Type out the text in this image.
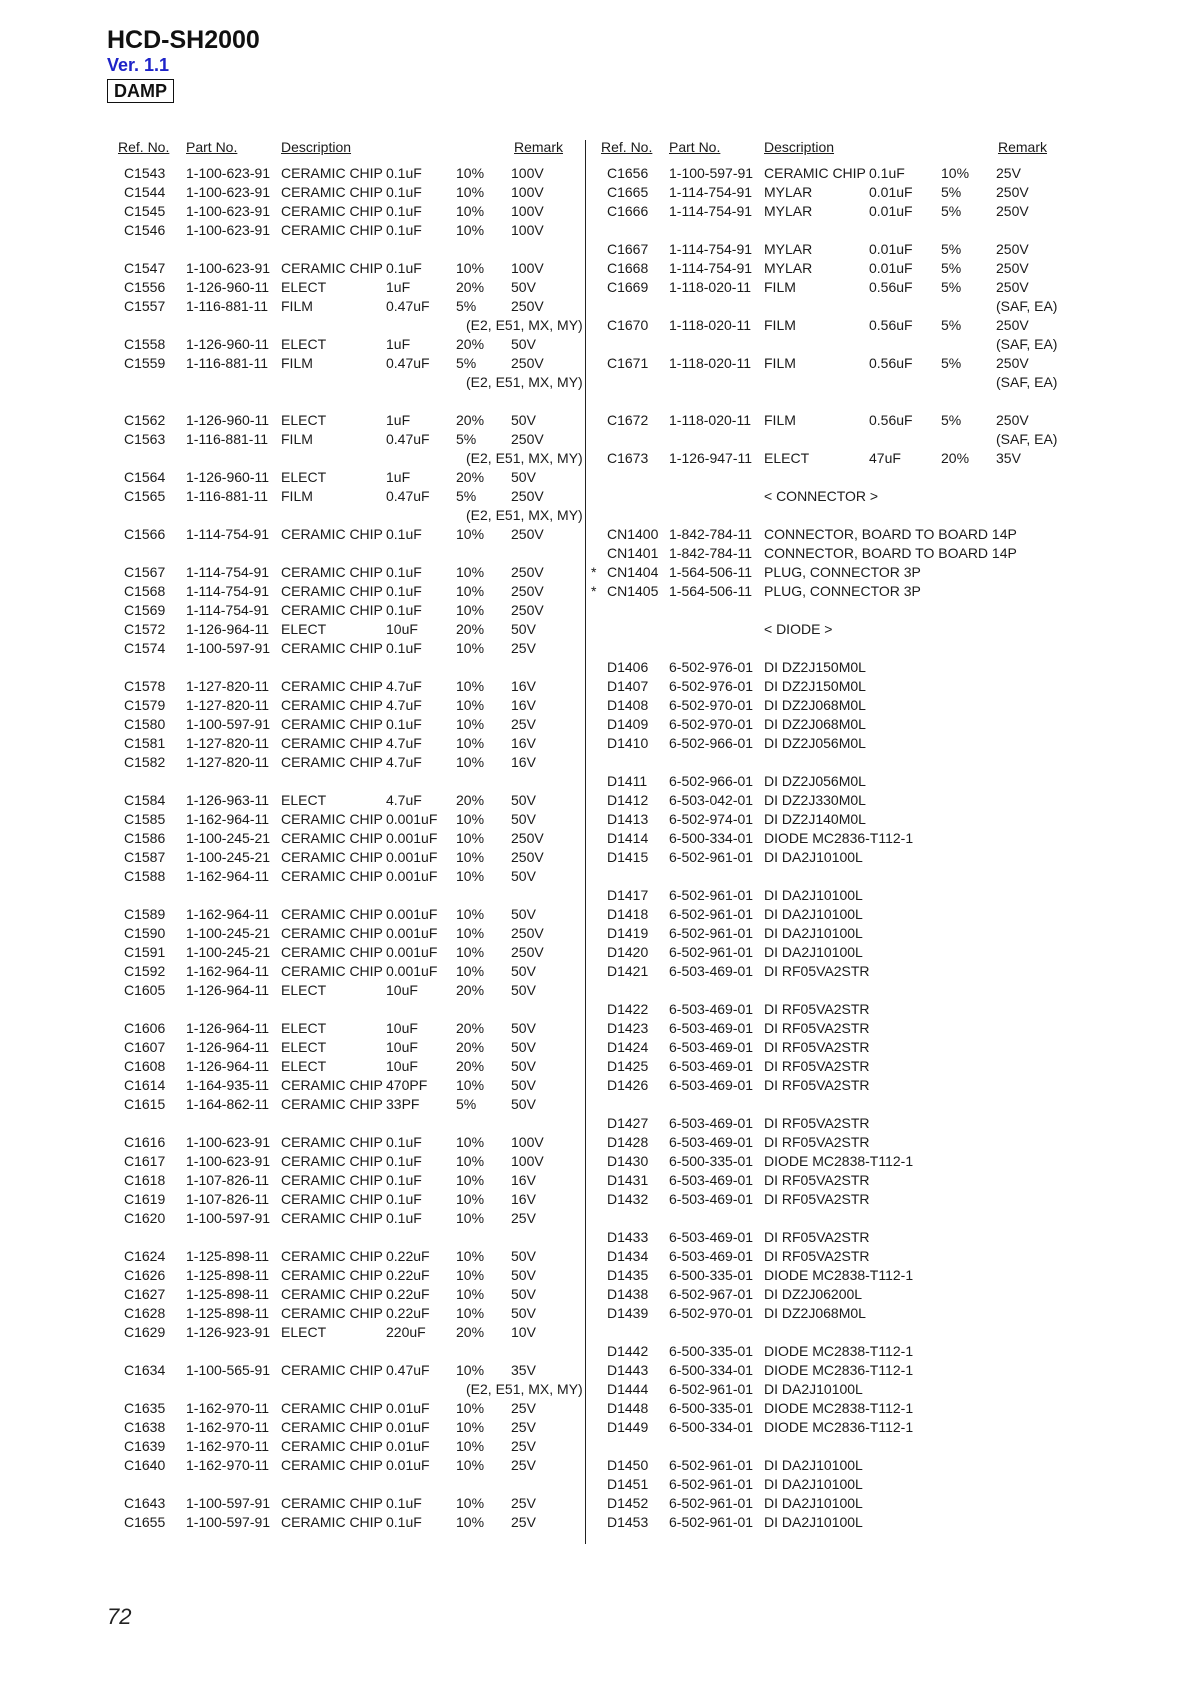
HCD-SH2000
Ver. 1.1
DAMP
Ref. No. Part No.	Description	Remark
C1543 1-100-623-91 CERAMIC CHIP 0.1uF 10% 100V
C1544 1-100-623-91 CERAMIC CHIP 0.1uF 10% 100V
C1545 1-100-623-91 CERAMIC CHIP 0.1uF 10% 100V
C1546 1-100-623-91 CERAMIC CHIP 0.1uF 10% 100V
C1547 1-100-623-91 CERAMIC CHIP 0.1uF 10% 100V
C1556 1-126-960-11 ELECT	1uF	20% 50V
C1557 1-116-881-11 FILM	0.47uF 5% 250V
(E2, E51, MX, MY)
C1558 1-126-960-11 ELECT	1uF	20% 50V
C1559 1-116-881-11 FILM	0.47uF 5% 250V
(E2, E51, MX, MY)
C1562 1-126-960-11 ELECT	1uF	20% 50V
C1563 1-116-881-11 FILM	0.47uF 5% 250V
(E2, E51, MX, MY)
C1564 1-126-960-11 ELECT	1uF	20% 50V
C1565 1-116-881-11 FILM	0.47uF 5% 250V
(E2, E51, MX, MY)
C1566 1-114-754-91 CERAMIC CHIP 0.1uF 10% 250V
C1567 1-114-754-91 CERAMIC CHIP 0.1uF 10% 250V
C1568 1-114-754-91 CERAMIC CHIP 0.1uF 10% 250V
C1569 1-114-754-91 CERAMIC CHIP 0.1uF 10% 250V
C1572 1-126-964-11 ELECT	10uF	20% 50V
C1574 1-100-597-91 CERAMIC CHIP 0.1uF 10% 25V
C1578 1-127-820-11 CERAMIC CHIP 4.7uF 10% 16V
C1579 1-127-820-11 CERAMIC CHIP 4.7uF 10% 16V
C1580 1-100-597-91 CERAMIC CHIP 0.1uF 10% 25V
C1581 1-127-820-11 CERAMIC CHIP 4.7uF 10% 16V
C1582 1-127-820-11 CERAMIC CHIP 4.7uF 10% 16V
C1584 1-126-963-11 ELECT	4.7uF 20% 50V
C1585 1-162-964-11 CERAMIC CHIP 0.001uF 10% 50V
C1586 1-100-245-21 CERAMIC CHIP 0.001uF 10% 250V
C1587 1-100-245-21 CERAMIC CHIP 0.001uF 10% 250V
C1588 1-162-964-11 CERAMIC CHIP 0.001uF 10% 50V
C1589 1-162-964-11 CERAMIC CHIP 0.001uF 10% 50V
C1590 1-100-245-21 CERAMIC CHIP 0.001uF 10% 250V
C1591 1-100-245-21 CERAMIC CHIP 0.001uF 10% 250V
C1592 1-162-964-11 CERAMIC CHIP 0.001uF 10% 50V
C1605 1-126-964-11 ELECT	10uF	20% 50V
C1606 1-126-964-11 ELECT	10uF	20% 50V
C1607 1-126-964-11 ELECT	10uF	20% 50V
C1608 1-126-964-11 ELECT	10uF	20% 50V
C1614 1-164-935-11 CERAMIC CHIP 470PF 10% 50V
C1615 1-164-862-11 CERAMIC CHIP 33PF	5% 50V
C1616 1-100-623-91 CERAMIC CHIP 0.1uF 10% 100V
C1617 1-100-623-91 CERAMIC CHIP 0.1uF 10% 100V
C1618 1-107-826-11 CERAMIC CHIP 0.1uF 10% 16V
C1619 1-107-826-11 CERAMIC CHIP 0.1uF 10% 16V
C1620 1-100-597-91 CERAMIC CHIP 0.1uF 10% 25V
C1624 1-125-898-11 CERAMIC CHIP 0.22uF 10% 50V
C1626 1-125-898-11 CERAMIC CHIP 0.22uF 10% 50V
C1627 1-125-898-11 CERAMIC CHIP 0.22uF 10% 50V
C1628 1-125-898-11 CERAMIC CHIP 0.22uF 10% 50V
C1629 1-126-923-91 ELECT	220uF 20% 10V
C1634 1-100-565-91 CERAMIC CHIP 0.47uF 10% 35V
(E2, E51, MX, MY)
C1635 1-162-970-11 CERAMIC CHIP 0.01uF 10% 25V
C1638 1-162-970-11 CERAMIC CHIP 0.01uF 10% 25V
C1639 1-162-970-11 CERAMIC CHIP 0.01uF 10% 25V
C1640 1-162-970-11 CERAMIC CHIP 0.01uF 10% 25V
C1643 1-100-597-91 CERAMIC CHIP 0.1uF 10% 25V
C1655 1-100-597-91 CERAMIC CHIP 0.1uF 10% 25V
Ref. No. Part No.	Description	Remark
C1656 1-100-597-91 CERAMIC CHIP 0.1uF	10% 25V
C1665 1-114-754-91 MYLAR	0.01uF 5% 250V
C1666 1-114-754-91 MYLAR	0.01uF 5% 250V
C1667 1-114-754-91 MYLAR	0.01uF 5% 250V
C1668 1-114-754-91 MYLAR	0.01uF 5% 250V
C1669 1-118-020-11 FILM	0.56uF 5% 250V
(SAF, EA)
C1670 1-118-020-11 FILM	0.56uF 5% 250V
(SAF, EA)
C1671 1-118-020-11 FILM	0.56uF 5% 250V
(SAF, EA)
C1672 1-118-020-11 FILM	0.56uF 5% 250V
(SAF, EA)
C1673 1-126-947-11 ELECT	47uF	20% 35V
< CONNECTOR >
CN1400 1-842-784-11 CONNECTOR, BOARD TO BOARD 14P
CN1401 1-842-784-11 CONNECTOR, BOARD TO BOARD 14P
* CN1404 1-564-506-11 PLUG, CONNECTOR 3P
* CN1405 1-564-506-11 PLUG, CONNECTOR 3P
< DIODE >
D1406 6-502-976-01 DI DZ2J150M0L
D1407 6-502-976-01 DI DZ2J150M0L
D1408 6-502-970-01 DI DZ2J068M0L
D1409 6-502-970-01 DI DZ2J068M0L
D1410 6-502-966-01 DI DZ2J056M0L
D1411 6-502-966-01 DI DZ2J056M0L
D1412 6-503-042-01 DI DZ2J330M0L
D1413 6-502-974-01 DI DZ2J140M0L
D1414 6-500-334-01 DIODE MC2836-T112-1
D1415 6-502-961-01 DI DA2J10100L
D1417 6-502-961-01 DI DA2J10100L
D1418 6-502-961-01 DI DA2J10100L
D1419 6-502-961-01 DI DA2J10100L
D1420 6-502-961-01 DI DA2J10100L
D1421 6-503-469-01 DI RF05VA2STR
D1422 6-503-469-01 DI RF05VA2STR
D1423 6-503-469-01 DI RF05VA2STR
D1424 6-503-469-01 DI RF05VA2STR
D1425 6-503-469-01 DI RF05VA2STR
D1426 6-503-469-01 DI RF05VA2STR
D1427 6-503-469-01 DI RF05VA2STR
D1428 6-503-469-01 DI RF05VA2STR
D1430 6-500-335-01 DIODE MC2838-T112-1
D1431 6-503-469-01 DI RF05VA2STR
D1432 6-503-469-01 DI RF05VA2STR
D1433 6-503-469-01 DI RF05VA2STR
D1434 6-503-469-01 DI RF05VA2STR
D1435 6-500-335-01 DIODE MC2838-T112-1
D1438 6-502-967-01 DI DZ2J06200L
D1439 6-502-970-01 DI DZ2J068M0L
D1442 6-500-335-01 DIODE MC2838-T112-1
D1443 6-500-334-01 DIODE MC2836-T112-1
D1444 6-502-961-01 DI DA2J10100L
D1448 6-500-335-01 DIODE MC2838-T112-1
D1449 6-500-334-01 DIODE MC2836-T112-1
D1450 6-502-961-01 DI DA2J10100L
D1451 6-502-961-01 DI DA2J10100L
D1452 6-502-961-01 DI DA2J10100L
D1453 6-502-961-01 DI DA2J10100L
72
